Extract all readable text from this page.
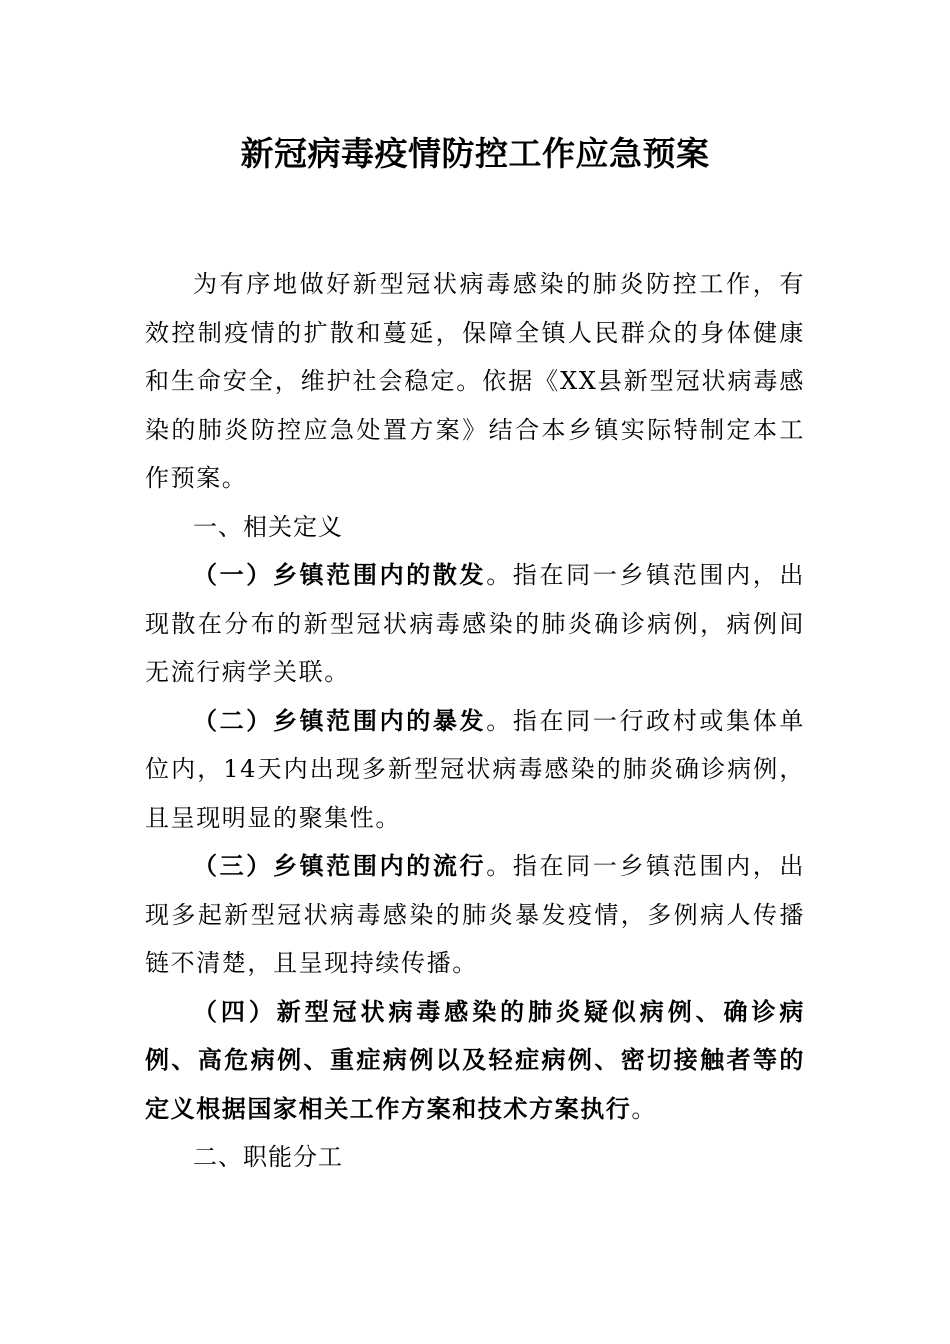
新冠病毒疫情防控工作应急预案

为有序地做好新型冠状病毒感染的肺炎防控工作，有效控制疫情的扩散和蔓延，保障全镇人民群众的身体健康和生命安全，维护社会稳定。依据《XX县新型冠状病毒感染的肺炎防控应急处置方案》结合本乡镇实际特制定本工作预案。

一、相关定义

（一）乡镇范围内的散发。指在同一乡镇范围内，出现散在分布的新型冠状病毒感染的肺炎确诊病例，病例间无流行病学关联。

（二）乡镇范围内的暴发。指在同一行政村或集体单位内，14天内出现多新型冠状病毒感染的肺炎确诊病例，且呈现明显的聚集性。

（三）乡镇范围内的流行。指在同一乡镇范围内，出现多起新型冠状病毒感染的肺炎暴发疫情，多例病人传播链不清楚，且呈现持续传播。

（四）新型冠状病毒感染的肺炎疑似病例、确诊病例、高危病例、重症病例以及轻症病例、密切接触者等的定义根据国家相关工作方案和技术方案执行。

二、职能分工
